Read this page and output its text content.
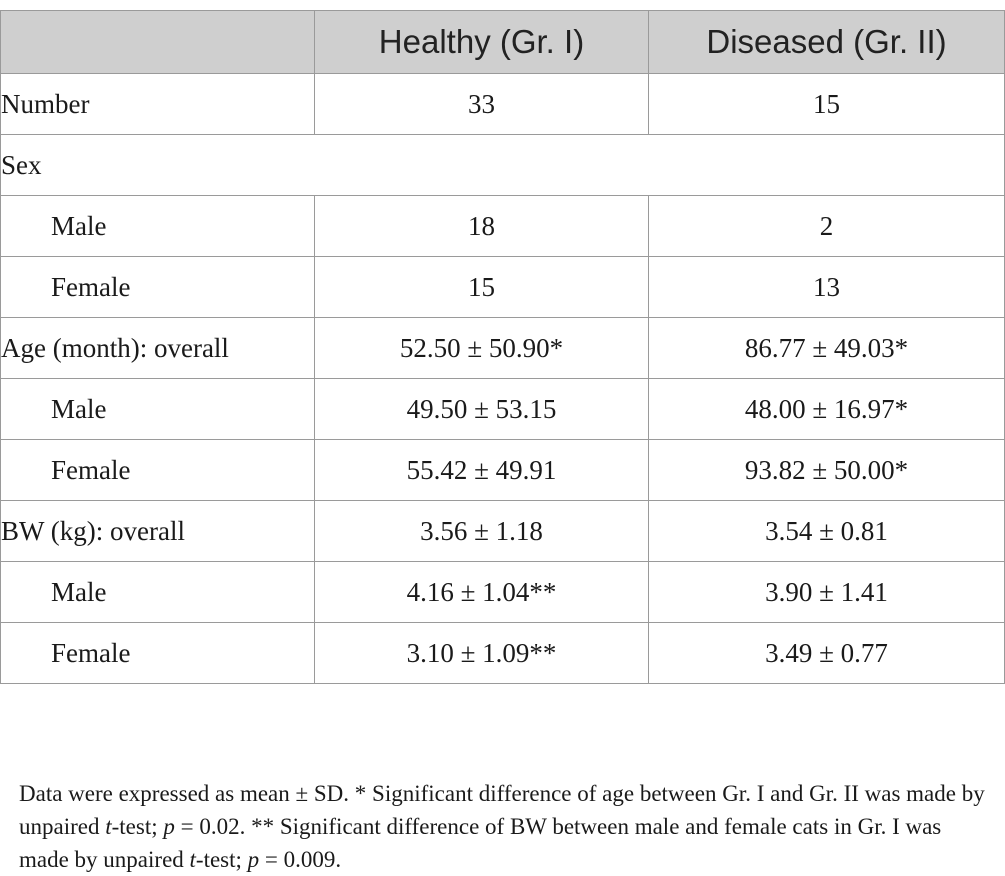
	Healthy (Gr. I)	Diseased (Gr. II)
Number	33	15
Sex		
Male	18	2
Female	15	13
Age (month): overall	52.50 ± 50.90*	86.77 ± 49.03*
Male	49.50 ± 53.15	48.00 ± 16.97*
Female	55.42 ± 49.91	93.82 ± 50.00*
BW (kg): overall	3.56 ± 1.18	3.54 ± 0.81
Male	4.16 ± 1.04**	3.90 ± 1.41
Female	3.10 ± 1.09**	3.49 ± 0.77

Data were expressed as mean ± SD. * Significant difference of age between Gr. I and Gr. II was made by unpaired t-test; p = 0.02. ** Significant difference of BW between male and female cats in Gr. I was made by unpaired t-test; p = 0.009.
